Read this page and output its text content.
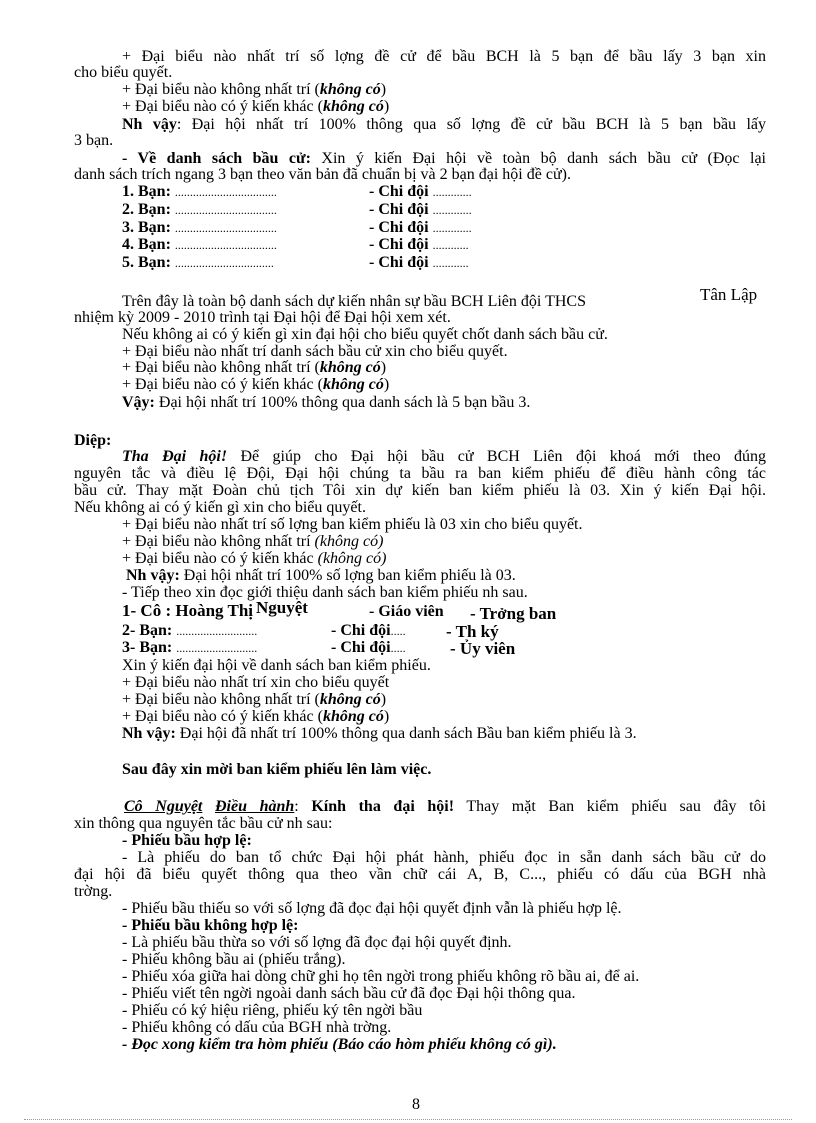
+ Đại biểu nào nhất trí số lợng đề cử để bầu BCH là 5 bạn để bầu lấy 3 bạn xin
cho biểu quyết.
+ Đại biểu nào không nhất trí (không có)
+ Đại biểu nào có ý kiến khác (không có)
Nh vậy: Đại hội nhất trí 100% thông qua số lợng đề cử bầu BCH là 5 bạn bầu lấy
3 bạn.
- Về danh sách bầu cử: Xin ý kiến Đại hội về toàn bộ danh sách bầu cử (Đọc lại
danh sách trích ngang 3 bạn theo văn bản đã chuẩn bị và 2 bạn đại hội đề cử).
1. Bạn: ..................................	- Chi đội .............
2. Bạn: ..................................	- Chi đội .............
3. Bạn: ..................................	- Chi đội .............
4. Bạn: ..................................	- Chi đội ............
5. Bạn: .................................	- Chi đội ............
Trên đây là toàn bộ danh sách dự kiến nhân sự bầu BCH Liên đội THCS	Tân Lập
nhiệm kỳ 2009 - 2010 trình tại Đại hội để Đại hội xem xét.
Nếu không ai có ý kiến gì xin đại hội cho biểu quyết chốt danh sách bầu cử.
+ Đại biểu nào nhất trí danh sách bầu cử xin cho biểu quyết.
+ Đại biểu nào không nhất trí (không có)
+ Đại biểu nào có ý kiến khác (không có)
Vậy: Đại hội nhất trí 100% thông qua danh sách là 5 bạn bầu 3.
Diệp:
Tha Đại hội! Để giúp cho Đại hội bầu cử BCH Liên đội khoá mới theo đúng
nguyên tắc và điều lệ Đội, Đại hội chúng ta bầu ra ban kiểm phiếu để điều hành công tác
bầu cử. Thay mặt Đoàn chủ tịch Tôi xin dự kiến ban kiểm phiếu là 03. Xin ý kiến Đại hội.
Nếu không ai có ý kiến gì xin cho biểu quyết.
+ Đại biểu nào nhất trí số lợng ban kiểm phiếu là 03 xin cho biểu quyết.
+ Đại biểu nào không nhất trí (không có)
+ Đại biểu nào có ý kiến khác (không có)
Nh vậy: Đại hội nhất trí 100% số lợng ban kiểm phiếu là 03.
- Tiếp theo xin đọc giới thiệu danh sách ban kiểm phiếu nh sau.
1- Cô : Hoàng Thị Nguyệt	- Giáo viên - Trởng ban
2- Bạn: ...........................	- Chi đội..... - Th ký
3- Bạn: ...........................	- Chi đội.....	- Ủy viên
Xin ý kiến đại hội về danh sách ban kiểm phiếu.
+ Đại biểu nào nhất trí xin cho biểu quyết
+ Đại biểu nào không nhất trí (không có)
+ Đại biểu nào có ý kiến khác (không có)
Nh vậy: Đại hội đã nhất trí 100% thông qua danh sách Bầu ban kiểm phiếu là 3.
Sau đây xin mời ban kiểm phiếu lên làm việc.
Cô Nguyệt Điều hành: Kính tha đại hội! Thay mặt Ban kiểm phiếu sau đây tôi
xin thông qua nguyên tắc bầu cử nh sau:
- Phiếu bầu hợp lệ:
- Là phiếu do ban tổ chức Đại hội phát hành, phiếu đọc in sẵn danh sách bầu cử do
đại hội đã biểu quyết thông qua theo vần chữ cái A, B, C..., phiếu có dấu của BGH nhà
trờng.
- Phiếu bầu thiếu so với số lợng đã đọc đại hội quyết định vẫn là phiếu hợp lệ.
- Phiếu bầu không hợp lệ:
- Là phiếu bầu thừa so với số lợng đã đọc đại hội quyết định.
- Phiếu không bầu ai (phiếu trắng).
- Phiếu xóa giữa hai dòng chữ ghi họ tên ngời trong phiếu không rõ bầu ai, để ai.
- Phiếu viết tên ngời ngoài danh sách bầu cử đã đọc Đại hội thông qua.
- Phiếu có ký hiệu riêng, phiếu ký tên ngời bầu
- Phiếu không có dấu của BGH nhà trờng.
- Đọc xong kiểm tra hòm phiếu (Báo cáo hòm phiếu không có gì).
8
